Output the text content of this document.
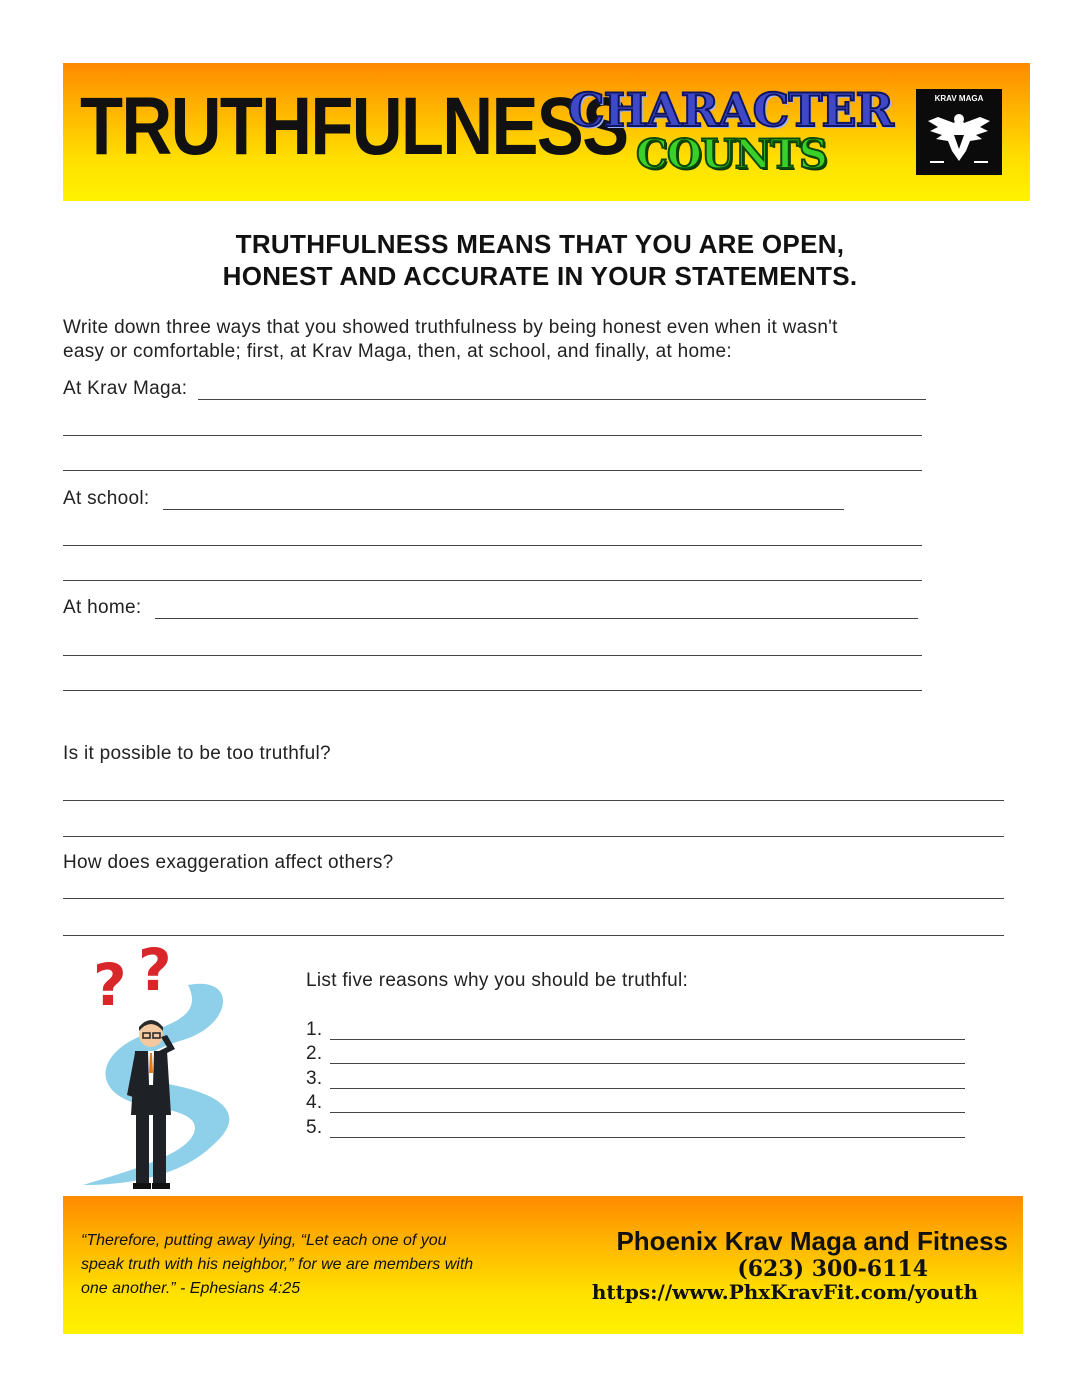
TRUTHFULNESS
CHARACTER
COUNTS
KRAV MAGA
TRUTHFULNESS MEANS THAT YOU ARE OPEN,
HONEST AND ACCURATE IN YOUR STATEMENTS.
Write down three ways that you showed truthfulness by being honest even when it wasn't
easy or comfortable; first, at Krav Maga, then, at school, and finally, at home:
At Krav Maga:
At school:
At home:
Is it possible to be too truthful?
How does exaggeration affect others?
? ?	List five reasons why you should be truthful:
1.
2.
3.
4.
5.
“Therefore, putting away lying, “Let each one of you speak truth with his neighbor,” for we are members with one another.” - Ephesians 4:25
Phoenix Krav Maga and Fitness
(623) 300-6114
https://www.PhxKravFit.com/youth
